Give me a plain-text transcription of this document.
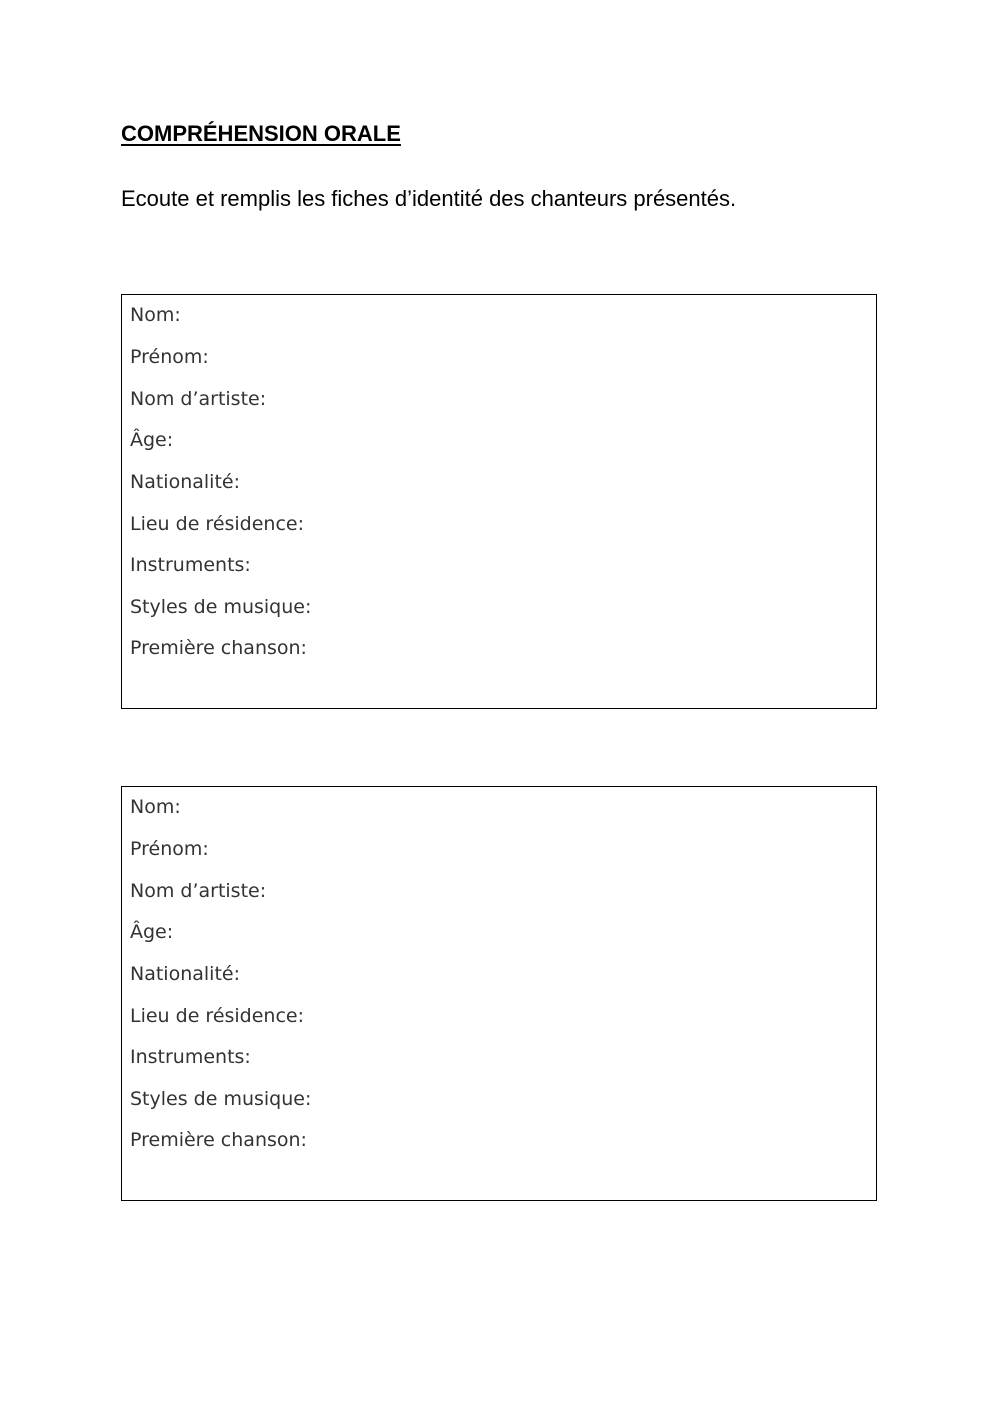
COMPRÉHENSION ORALE
Ecoute et remplis les fiches d’identité des chanteurs présentés.
Nom:
Prénom:
Nom d’artiste:
Âge:
Nationalité:
Lieu de résidence:
Instruments:
Styles de musique:
Première chanson:
Nom:
Prénom:
Nom d’artiste:
Âge:
Nationalité:
Lieu de résidence:
Instruments:
Styles de musique:
Première chanson:
